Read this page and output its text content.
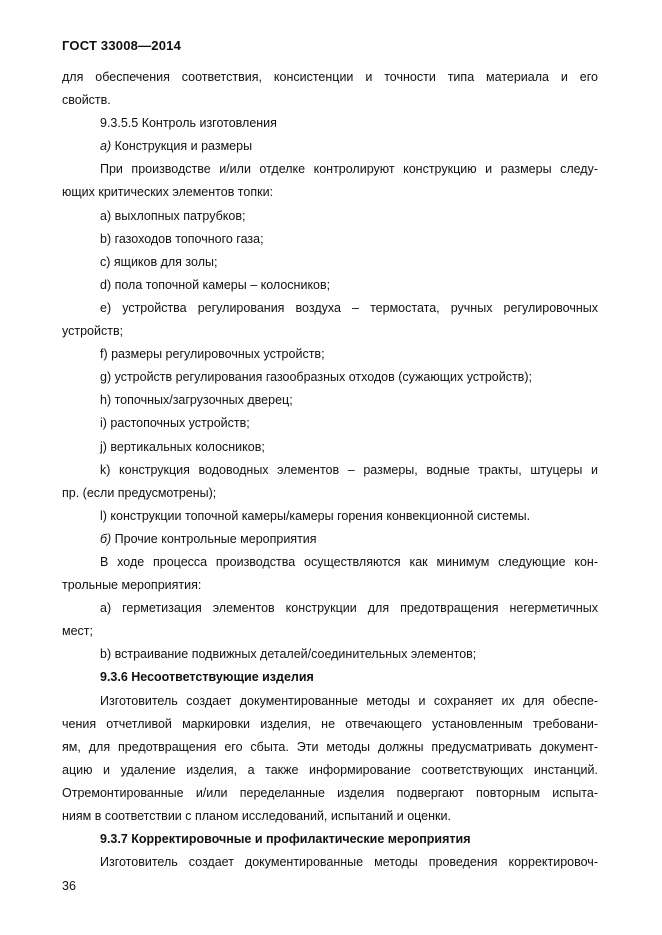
ГОСТ 33008—2014
для обеспечения соответствия, консистенции и точности типа материала и его
свойств.
9.3.5.5 Контроль изготовления
а) Конструкция и размеры
При производстве и/или отделке контролируют конструкцию и размеры следу-
ющих критических элементов топки:
а) выхлопных патрубков;
b) газоходов топочного газа;
с) ящиков для золы;
d) пола топочной камеры – колосников;
е) устройства регулирования воздуха – термостата, ручных регулировочных
устройств;
f) размеры регулировочных устройств;
g) устройств регулирования газообразных отходов (сужающих устройств);
h) топочных/загрузочных дверец;
i) растопочных устройств;
j) вертикальных колосников;
k) конструкция водоводных элементов – размеры, водные тракты, штуцеры и
пр. (если предусмотрены);
l) конструкции топочной камеры/камеры горения конвекционной системы.
б) Прочие контрольные мероприятия
В ходе процесса производства осуществляются как минимум следующие кон-
трольные мероприятия:
а) герметизация элементов конструкции для предотвращения негерметичных
мест;
b) встраивание подвижных деталей/соединительных элементов;
9.3.6 Несоответствующие изделия
Изготовитель создает документированные методы и сохраняет их для обеспе-
чения отчетливой маркировки изделия, не отвечающего установленным требовани-
ям, для предотвращения его сбыта. Эти методы должны предусматривать документ-
ацию и удаление изделия, а также информирование соответствующих инстанций.
Отремонтированные и/или переделанные изделия подвергают повторным испыта-
ниям в соответствии с планом исследований, испытаний и оценки.
9.3.7 Корректировочные и профилактические мероприятия
Изготовитель создает документированные методы проведения корректировоч-
36
